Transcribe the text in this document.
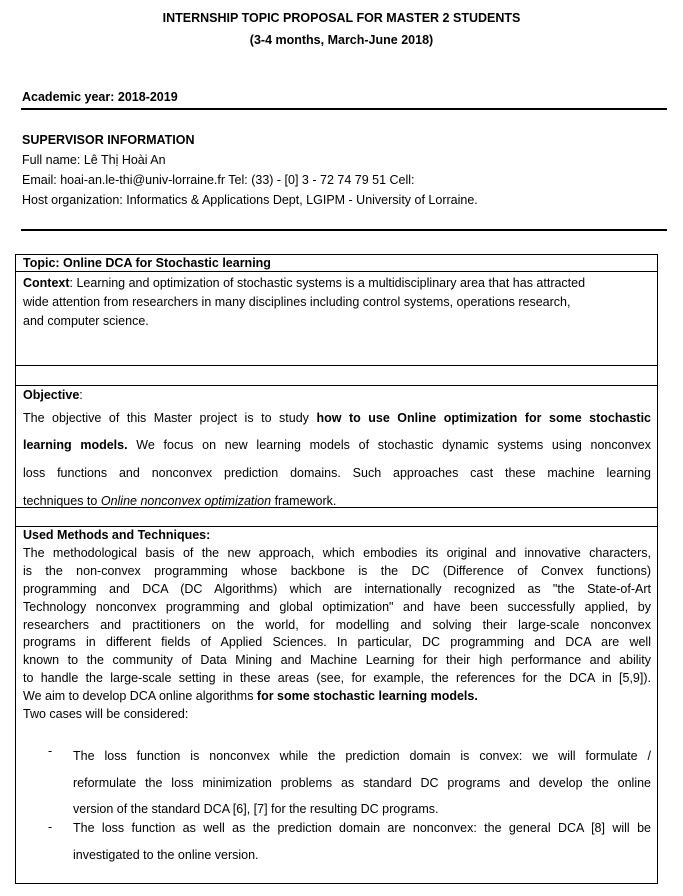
INTERNSHIP TOPIC PROPOSAL FOR MASTER 2 STUDENTS
(3-4 months, March-June 2018)
Academic year: 2018-2019
SUPERVISOR INFORMATION
Full name: Lê Thị Hoài An
Email: hoai-an.le-thi@univ-lorraine.fr Tel: (33) - [0] 3 - 72 74 79 51 Cell:
Host organization: Informatics & Applications Dept, LGIPM - University of Lorraine.
Topic: Online DCA for Stochastic learning
Context: Learning and optimization of stochastic systems is a multidisciplinary area that has attracted
wide attention from researchers in many disciplines including control systems, operations research,
and computer science.
Objective:
The objective of this Master project is to study how to use Online optimization for some stochastic
learning models. We focus on new learning models of stochastic dynamic systems using nonconvex
loss functions and nonconvex prediction domains. Such approaches cast these machine learning
techniques to Online nonconvex optimization framework.
Used Methods and Techniques:
The methodological basis of the new approach, which embodies its original and innovative characters,
is the non-convex programming whose backbone is the DC (Difference of Convex functions)
programming and DCA (DC Algorithms) which are internationally recognized as "the State-of-Art
Technology nonconvex programming and global optimization" and have been successfully applied, by
researchers and practitioners on the world, for modelling and solving their large-scale nonconvex
programs in different fields of Applied Sciences. In particular, DC programming and DCA are well
known to the community of Data Mining and Machine Learning for their high performance and ability
to handle the large-scale setting in these areas (see, for example, the references for the DCA in [5,9]).
We aim to develop DCA online algorithms for some stochastic learning models.
Two cases will be considered:
- The loss function is nonconvex while the prediction domain is convex: we will formulate /
reformulate the loss minimization problems as standard DC programs and develop the online
version of the standard DCA [6], [7] for the resulting DC programs.
- The loss function as well as the prediction domain are nonconvex: the general DCA [8] will be
investigated to the online version.
